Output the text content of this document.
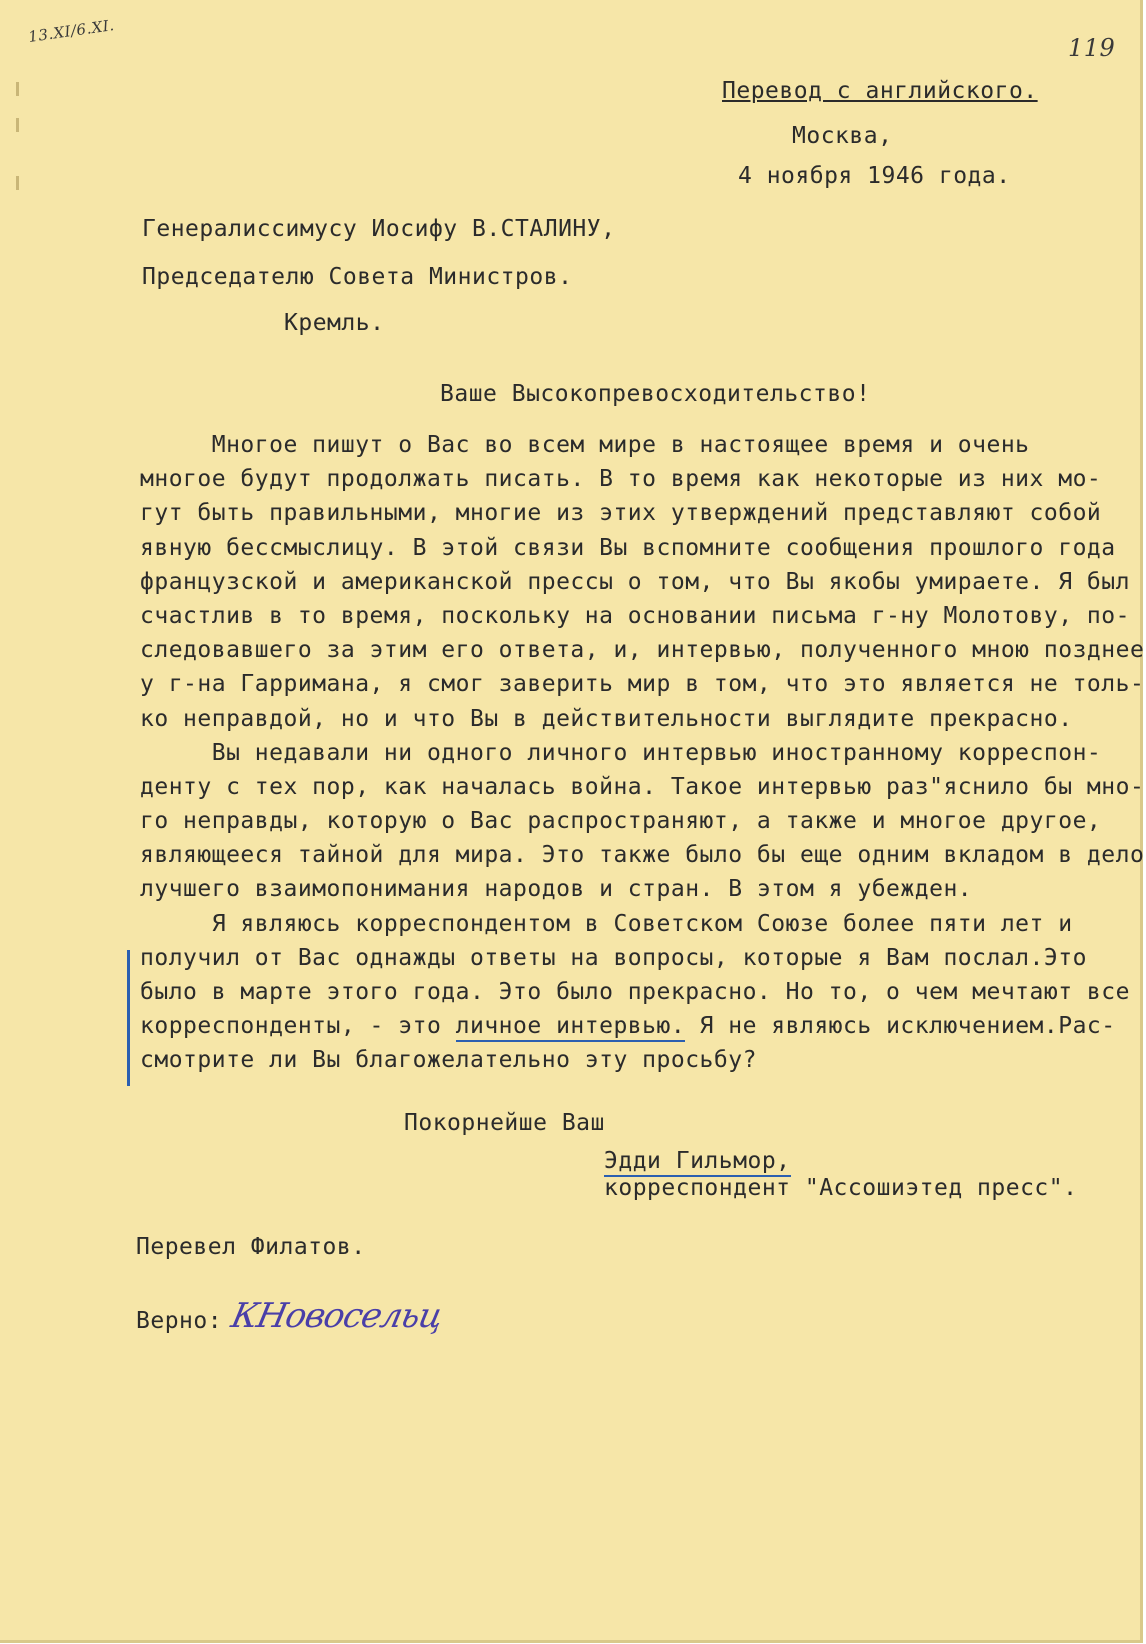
13.XI/6.XI.
119
Перевод с английского.
Москва,
4 ноября 1946 года.
Генералиссимусу Иосифу В.СТАЛИНУ,
Председателю Совета Министров.
Кремль.
Ваше Высокопревосходительство!
Многое пишут о Вас во всем мире в настоящее время и очень
многое будут продолжать писать. В то время как некоторые из них мо-
гут быть правильными, многие из этих утверждений представляют собой
явную бессмыслицу. В этой связи Вы вспомните сообщения прошлого года
французской и американской прессы о том, что Вы якобы умираете. Я был
счастлив в то время, поскольку на основании письма г-ну Молотову, по-
следовавшего за этим его ответа, и, интервью, полученного мною позднее
у г-на Гарримана, я смог заверить мир в том, что это является не толь-
ко неправдой, но и что Вы в действительности выглядите прекрасно.
Вы недавали ни одного личного интервью иностранному корреспон-
денту с тех пор, как началась война. Такое интервью раз"яснило бы мно-
го неправды, которую о Вас распространяют, а также и многое другое,
являющееся тайной для мира. Это также было бы еще одним вкладом в дело
лучшего взаимопонимания народов и стран. В этом я убежден.
Я являюсь корреспондентом в Советском Союзе более пяти лет и
получил от Вас однажды ответы на вопросы, которые я Вам послал.Это
было в марте этого года. Это было прекрасно. Но то, о чем мечтают все
корреспонденты, - это личное интервью. Я не являюсь исключением.Рас-
смотрите ли Вы благожелательно эту просьбу?
Покорнейше Ваш
Эдди Гильмор,
корреспондент "Ассошиэтед пресс".
Перевел Филатов.
Верно: КНовосельц
